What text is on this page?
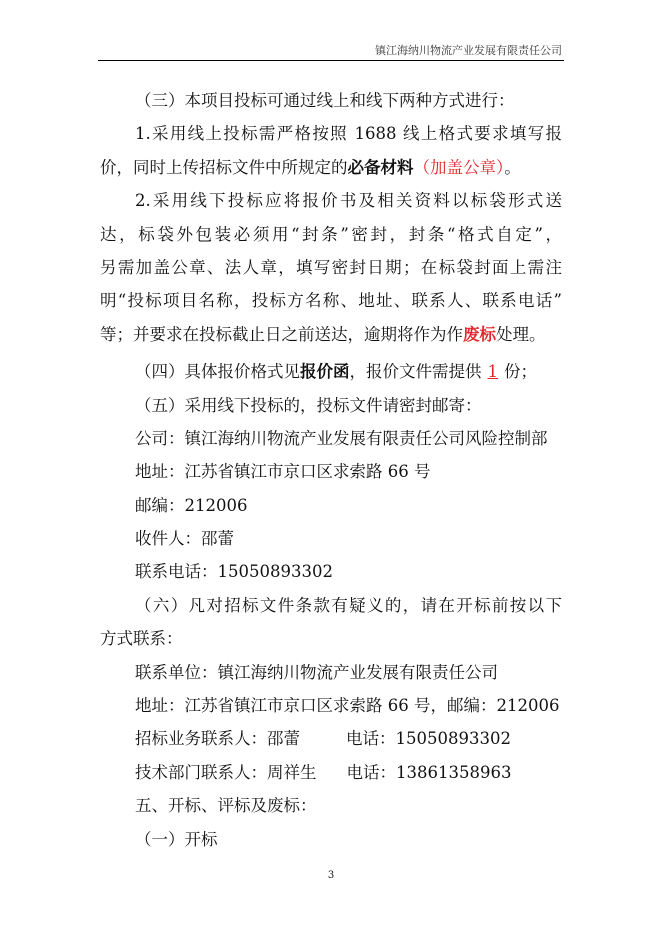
镇江海纳川物流产业发展有限责任公司
（三）本项目投标可通过线上和线下两种方式进行：
1.采用线上投标需严格按照 1688 线上格式要求填写报
价，同时上传招标文件中所规定的必备材料（加盖公章）。
2.采用线下投标应将报价书及相关资料以标袋形式送
达，标袋外包装必须用“封条”密封，封条“格式自定”，
另需加盖公章、法人章，填写密封日期；在标袋封面上需注
明“投标项目名称，投标方名称、地址、联系人、联系电话”
等；并要求在投标截止日之前送达，逾期将作为作废标处理。
（四）具体报价格式见报价函，报价文件需提供 1 份；
（五）采用线下投标的，投标文件请密封邮寄：
公司：镇江海纳川物流产业发展有限责任公司风险控制部
地址：江苏省镇江市京口区求索路 66 号
邮编：212006
收件人：邵蕾
联系电话：15050893302
（六）凡对招标文件条款有疑义的，请在开标前按以下
方式联系：
联系单位：镇江海纳川物流产业发展有限责任公司
地址：江苏省镇江市京口区求索路 66 号，邮编：212006
招标业务联系人：邵蕾	电话：15050893302
技术部门联系人：周祥生 电话：13861358963
五、开标、评标及废标：
（一）开标
3
